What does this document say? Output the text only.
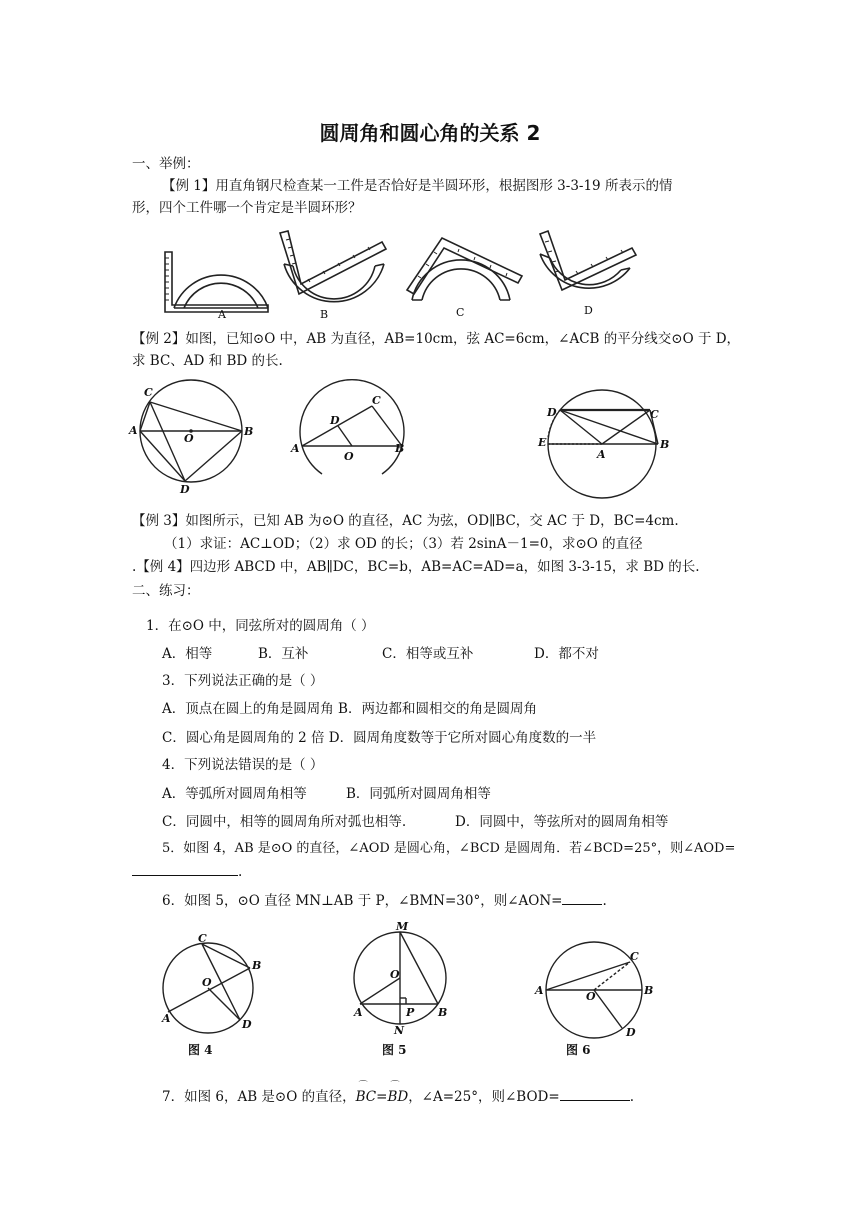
圆周角和圆心角的关系 2
一、举例：
【例 1】用直角钢尺检查某一工件是否恰好是半圆环形，根据图形 3-3-19 所表示的情
形，四个工件哪一个肯定是半圆环形？
A	B	C	D
【例 2】如图，已知⊙O 中，AB 为直径，AB=10cm，弦 AC=6cm，∠ACB 的平分线交⊙O 于 D，
求 BC、AD 和 BD 的长.
C
A	B
O
D
D
C
A	B
O
D	C
E	B
A
【例 3】如图所示，已知 AB 为⊙O 的直径，AC 为弦，OD∥BC，交 AC 于 D，BC=4cm.
（1）求证：AC⊥OD；（2）求 OD 的长；（3）若 2sinA－1=0，求⊙O 的直径
.【例 4】四边形 ABCD 中，AB∥DC，BC=b，AB=AC=AD=a，如图 3-3-15，求 BD 的长.
二、练习：
1．在⊙O 中，同弦所对的圆周角（ ）
A．相等	B．互补	C．相等或互补	D．都不对
3．下列说法正确的是（ ）
A．顶点在圆上的角是圆周角 B．两边都和圆相交的角是圆周角
C．圆心角是圆周角的 2 倍 D．圆周角度数等于它所对圆心角度数的一半
4．下列说法错误的是（ ）
A．等弧所对圆周角相等	B．同弧所对圆周角相等
C．同圆中，相等的圆周角所对弧也相等.	D．同圆中，等弦所对的圆周角相等
5．如图 4，AB 是⊙O 的直径，∠AOD 是圆心角，∠BCD 是圆周角．若∠BCD=25°，则∠AOD=
.
6．如图 5，⊙O 直径 MN⊥AB 于 P，∠BMN=30°，则∠AON=	.
C
B
O
A	D
图 4
M
O
A	P B
N
图 5
C
A	B
O
D
图 6
7．如图 6，AB 是⊙O 的直径，⌒ BC=⌒ BD，∠A=25°，则∠BOD=	.
